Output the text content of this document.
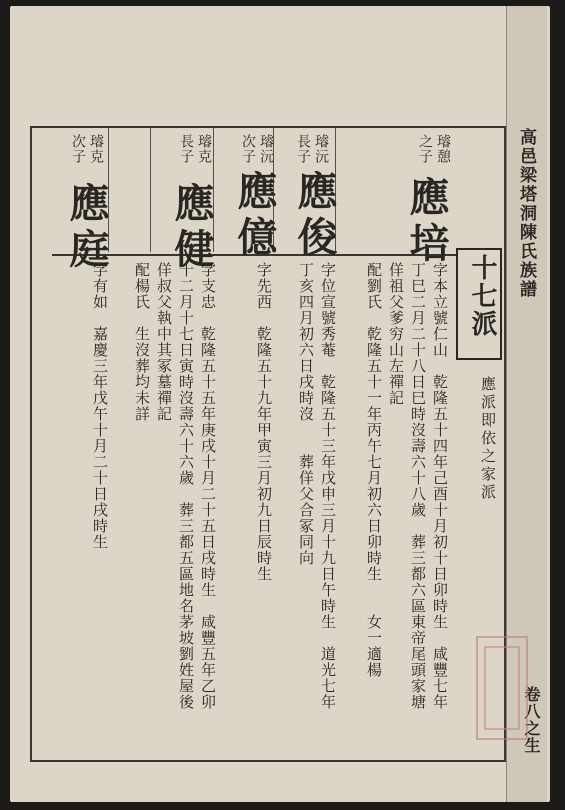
高邑梁塔洞陳氏族譜
卷八之生
十七派
應派即依之家派
璿憩
之子
應培
字本立號仁山　乾隆五十四年己酉十月初十日卯時生　咸豐七年
丁巳二月二十八日巳時沒壽六十八歲　葬三都六區東帝尾頭家塘
佯祖父爹穷山左禪記
配劉氏　乾隆五十一年丙午七月初六日卯時生　　女一適楊
璿沅
長子
應俊
字位宣號秀菴　乾隆五十三年戊申三月十九日午時生　道光七年
丁亥四月初六日戌時沒　　葬佯父合冢同向
璿沅
次子
應億
字先西　乾隆五十九年甲寅三月初九日辰時生
璿克
長子
應健
字支忠　乾隆五十五年庚戌十月二十五日戌時生　咸豐五年乙卯
十二月十七日寅時沒壽六十六歲　葬三都五區地名茅坡劉姓屋後
佯叔父執中其冢墓禪記
配楊氏　生沒葬均未詳
璿克
次子
應庭
字有如　嘉慶三年戊午十月二十日戌時生
